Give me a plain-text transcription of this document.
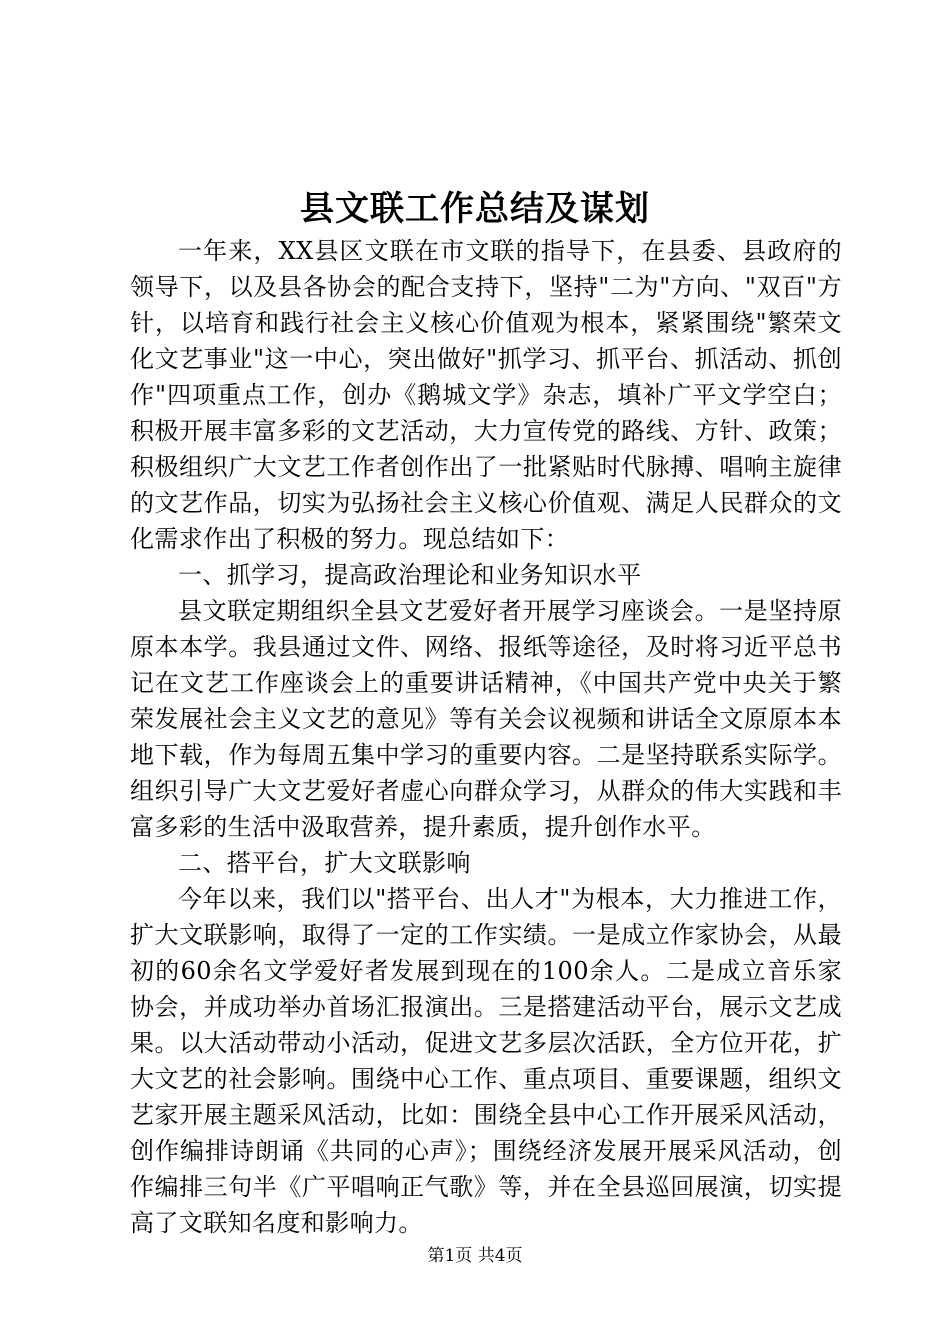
县文联工作总结及谋划

一年来，XX县区文联在市文联的指导下，在县委、县政府的领导下，以及县各协会的配合支持下，坚持"二为"方向、"双百"方针，以培育和践行社会主义核心价值观为根本，紧紧围绕"繁荣文化文艺事业"这一中心，突出做好"抓学习、抓平台、抓活动、抓创作"四项重点工作，创办《鹅城文学》杂志，填补广平文学空白；积极开展丰富多彩的文艺活动，大力宣传党的路线、方针、政策；积极组织广大文艺工作者创作出了一批紧贴时代脉搏、唱响主旋律的文艺作品，切实为弘扬社会主义核心价值观、满足人民群众的文化需求作出了积极的努力。现总结如下：

一、抓学习，提高政治理论和业务知识水平

县文联定期组织全县文艺爱好者开展学习座谈会。一是坚持原原本本学。我县通过文件、网络、报纸等途径，及时将习近平总书记在文艺工作座谈会上的重要讲话精神，《中国共产党中央关于繁荣发展社会主义文艺的意见》等有关会议视频和讲话全文原原本本地下载，作为每周五集中学习的重要内容。二是坚持联系实际学。组织引导广大文艺爱好者虚心向群众学习，从群众的伟大实践和丰富多彩的生活中汲取营养，提升素质，提升创作水平。

二、搭平台，扩大文联影响

今年以来，我们以"搭平台、出人才"为根本，大力推进工作，扩大文联影响，取得了一定的工作实绩。一是成立作家协会，从最初的60余名文学爱好者发展到现在的100余人。二是成立音乐家协会，并成功举办首场汇报演出。三是搭建活动平台，展示文艺成果。以大活动带动小活动，促进文艺多层次活跃，全方位开花，扩大文艺的社会影响。围绕中心工作、重点项目、重要课题，组织文艺家开展主题采风活动，比如：围绕全县中心工作开展采风活动，创作编排诗朗诵《共同的心声》；围绕经济发展开展采风活动，创作编排三句半《广平唱响正气歌》等，并在全县巡回展演，切实提高了文联知名度和影响力。

第1页 共4页
